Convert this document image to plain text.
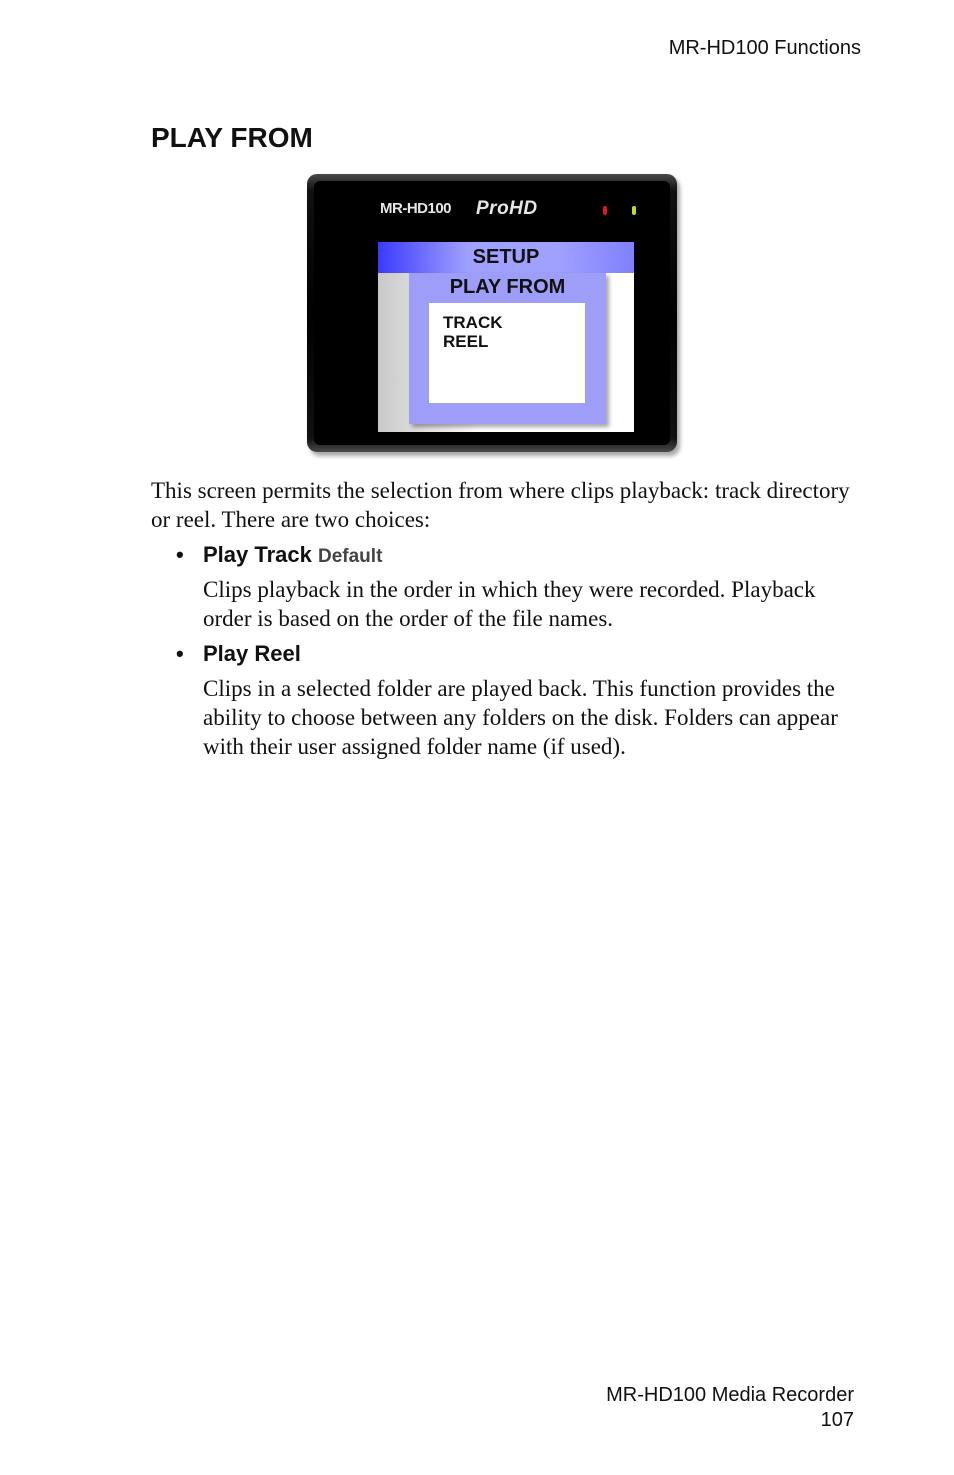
MR-HD100 Functions
PLAY FROM
MR-HD100 ProHD
SETUP
PLAY FROM
TRACK
REEL

This screen permits the selection from where clips playback: track directory or reel. There are two choices:

• Play Track Default

Clips playback in the order in which they were recorded. Playback order is based on the order of the file names.

• Play Reel

Clips in a selected folder are played back. This function provides the ability to choose between any folders on the disk. Folders can appear with their user assigned folder name (if used).

MR-HD100 Media Recorder
107
